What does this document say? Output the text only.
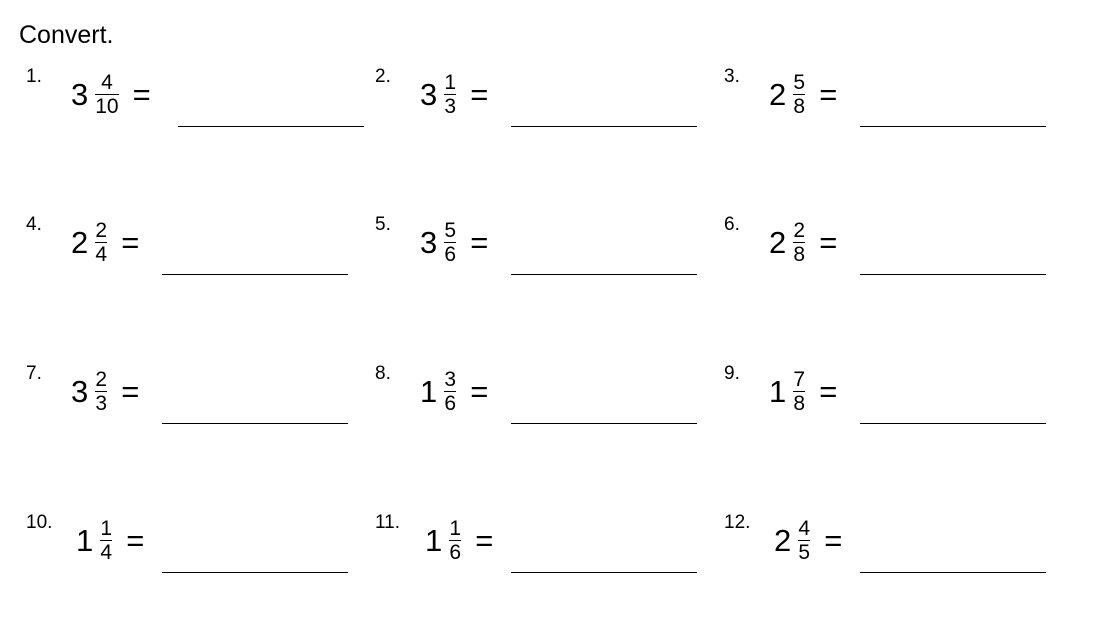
Convert.
1. $3 \frac{4}{10}$ =	2. $3 \frac{1}{3}$ =	3. $2 \frac{5}{8}$ =
4. $2 \frac{2}{4}$ =	5. $3 \frac{5}{6}$ =	6. $2 \frac{2}{8}$ =
7. $3 \frac{2}{3}$ =	8. $1 \frac{3}{6}$ =	9. $1 \frac{7}{8}$ =
10. $1 \frac{1}{4}$ =	11. $1 \frac{1}{6}$ =	12. $2 \frac{4}{5}$ =
